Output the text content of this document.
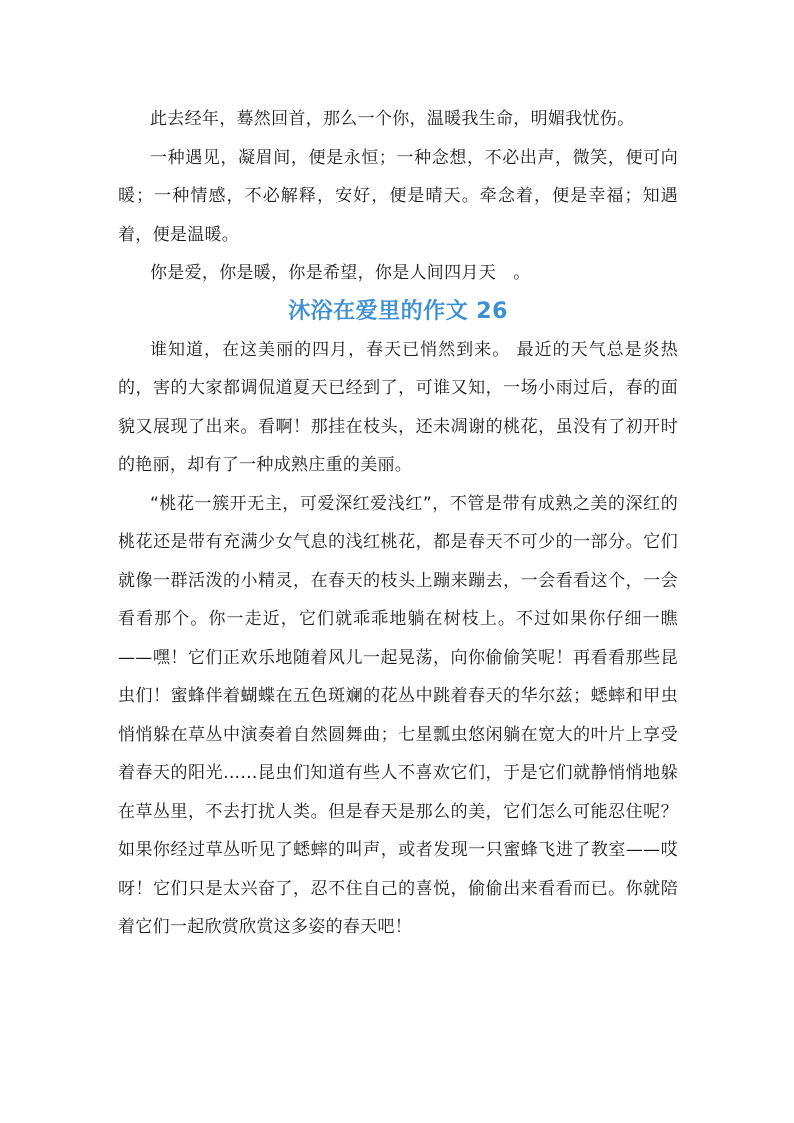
此去经年，蓦然回首，那么一个你，温暖我生命，明媚我忧伤。

一种遇见，凝眉间，便是永恒；一种念想，不必出声，微笑，便可向暖；一种情感，不必解释，安好，便是晴天。牵念着，便是幸福；知遇着，便是温暖。

你是爱，你是暖，你是希望，你是人间四月天　。

沐浴在爱里的作文 26

谁知道，在这美丽的四月，春天已悄然到来。 最近的天气总是炎热的，害的大家都调侃道夏天已经到了，可谁又知，一场小雨过后，春的面貌又展现了出来。看啊！那挂在枝头，还未凋谢的桃花，虽没有了初开时的艳丽，却有了一种成熟庄重的美丽。

“桃花一簇开无主，可爱深红爱浅红”，不管是带有成熟之美的深红的桃花还是带有充满少女气息的浅红桃花，都是春天不可少的一部分。它们就像一群活泼的小精灵，在春天的枝头上蹦来蹦去，一会看看这个，一会看看那个。你一走近，它们就乖乖地躺在树枝上。不过如果你仔细一瞧——嘿！它们正欢乐地随着风儿一起晃荡，向你偷偷笑呢！再看看那些昆虫们！蜜蜂伴着蝴蝶在五色斑斓的花丛中跳着春天的华尔兹；蟋蟀和甲虫悄悄躲在草丛中演奏着自然圆舞曲；七星瓢虫悠闲躺在宽大的叶片上享受着春天的阳光……昆虫们知道有些人不喜欢它们，于是它们就静悄悄地躲在草丛里，不去打扰人类。但是春天是那么的美，它们怎么可能忍住呢？如果你经过草丛听见了蟋蟀的叫声，或者发现一只蜜蜂飞进了教室——哎呀！它们只是太兴奋了，忍不住自己的喜悦，偷偷出来看看而已。你就陪着它们一起欣赏欣赏这多姿的春天吧！
